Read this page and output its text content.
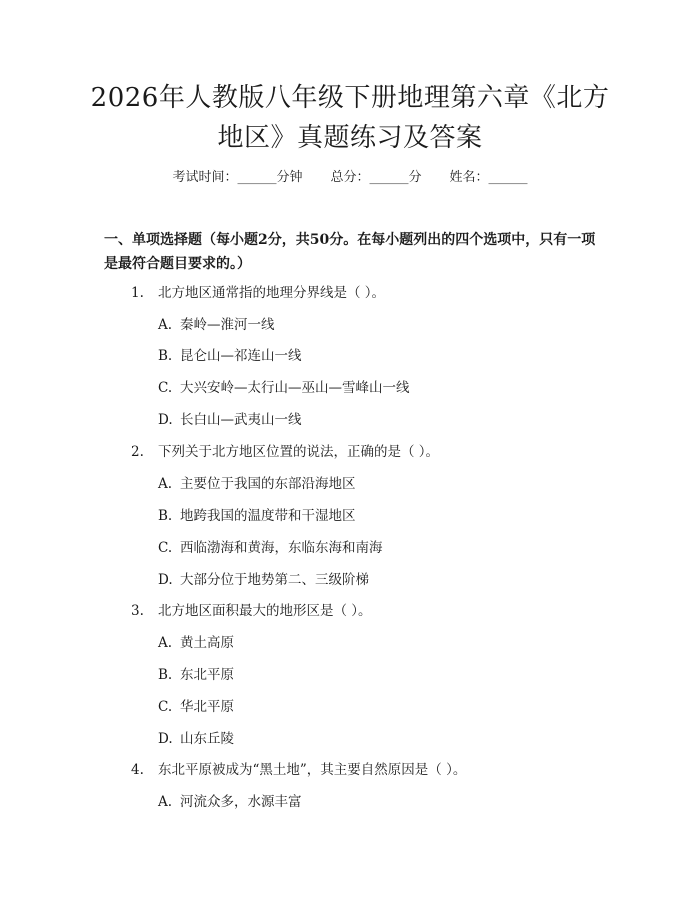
2026年人教版八年级下册地理第六章《北方
地区》真题练习及答案
考试时间：______分钟 总分：______分 姓名：______
一、单项选择题（每小题2分，共50分。在每小题列出的四个选项中，只有一项
是最符合题目要求的。）
1. 北方地区通常指的地理分界线是（ ）。
A. 秦岭—淮河一线
B. 昆仑山—祁连山一线
C. 大兴安岭—太行山—巫山—雪峰山一线
D. 长白山—武夷山一线
2. 下列关于北方地区位置的说法，正确的是（ ）。
A. 主要位于我国的东部沿海地区
B. 地跨我国的温度带和干湿地区
C. 西临渤海和黄海，东临东海和南海
D. 大部分位于地势第二、三级阶梯
3. 北方地区面积最大的地形区是（ ）。
A. 黄土高原
B. 东北平原
C. 华北平原
D. 山东丘陵
4. 东北平原被成为“黑土地”，其主要自然原因是（ ）。
A. 河流众多，水源丰富
